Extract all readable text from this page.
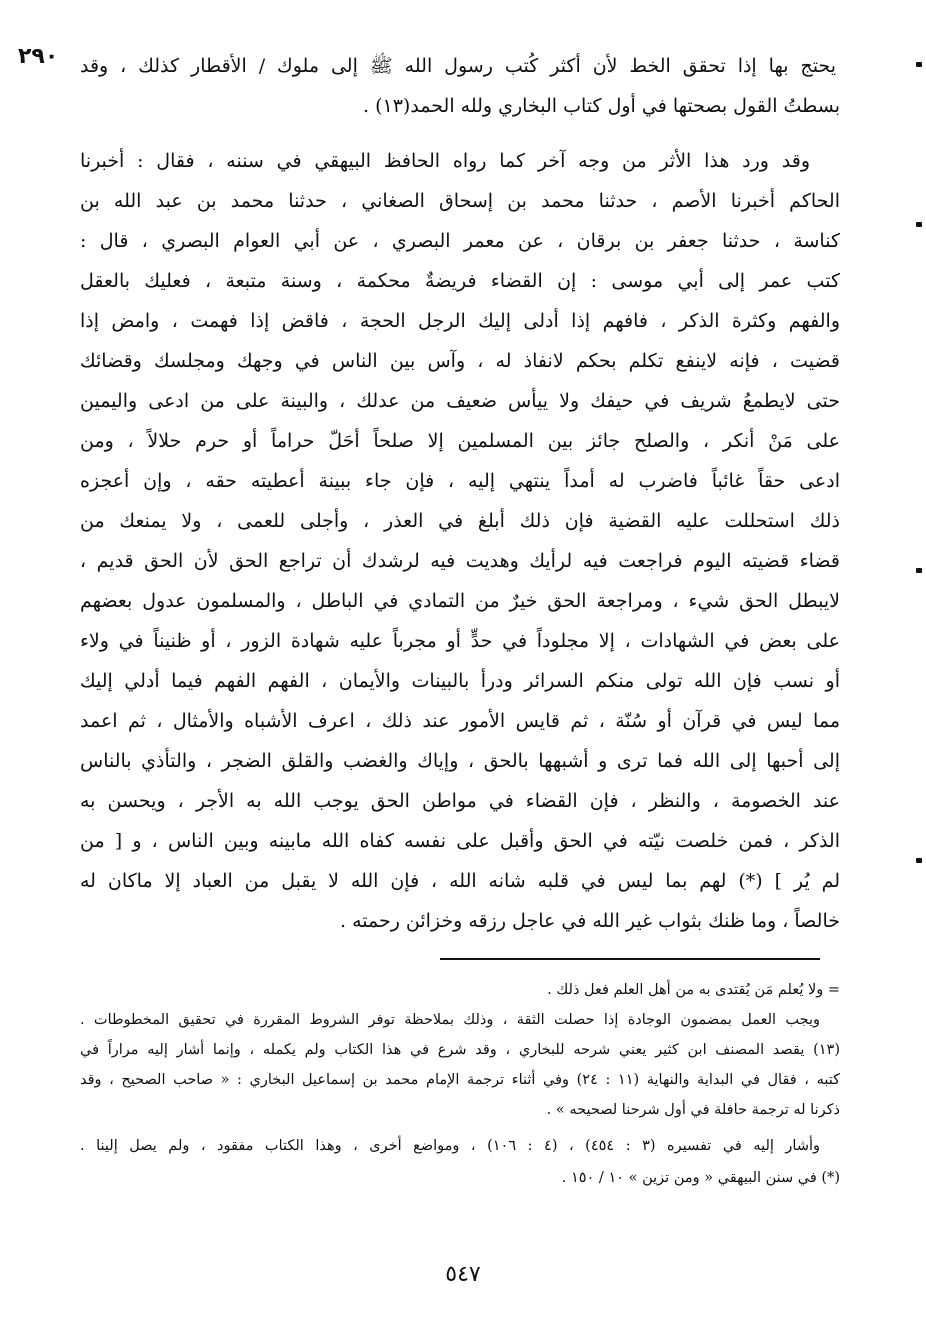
٢٩٠	يحتج بها إذا تحقق الخط لأن أكثر كُتب رسول الله ﷺ إلى ملوك / الأقطار كذلك ، وقد
بسطتُ القول بصحتها في أول كتاب البخاري ولله الحمد(١٣) .
وقد ورد هذا الأثر من وجه آخر كما رواه الحافظ البيهقي في سننه ، فقال : أخبرنا
الحاكم أخبرنا الأصم ، حدثنا محمد بن إسحاق الصغاني ، حدثنا محمد بن عبد الله بن
كناسة ، حدثنا جعفر بن برقان ، عن معمر البصري ، عن أبي العوام البصري ، قال :
كتب عمر إلى أبي موسى : ﺇن القضاء فريضةٌ محكمة ، وسنة متبعة ، فعليك بالعقل
والفهم وكثرة الذكر ، فافهم إذا أدلى إليك الرجل الحجة ، فاقض إذا فهمت ، وامض إذا
قضيت ، فإنه لاينفع تكلم بحكم لانفاذ له ، وآس بين الناس في وجهك ومجلسك وقضائك
حتى لايطمعُ شريف في حيفك ولا ييأس ضعيف من عدلك ، والبينة على من ادعى واليمين
على مَنْ أنكر ، والصلح جائز بين المسلمين إلا صلحاً أحَلّ حراماً أو حرم حلالاً ، ومن
ادعى حقاً غائباً فاضرب له أمداً ينتهي إليه ، فإن جاء ببينة أعطيته حقه ، وإن أعجزه
ذلك استحللت عليه القضية فإن ذلك أبلغ في العذر ، وأجلى للعمى ، ولا يمنعك من
قضاء قضيته اليوم فراجعت فيه لرأيك وهديت فيه لرشدك أن تراجع الحق لأن الحق قديم ،
لايبطل الحق شيء ، ومراجعة الحق خيرٌ من التمادي في الباطل ، والمسلمون عدول بعضهم
على بعض في الشهادات ، إلا مجلوداً في حدٍّ أو مجرباً عليه شهادة الزور ، أو ظنيناً في ولاء
أو نسب فإن الله تولى منكم السرائر ودرأ بالبينات والأيمان ، الفهم الفهم فيما أدلي إليك
مما ليس في قرآن أو سُنّة ، ثم قايس الأمور عند ذلك ، اعرف الأشباه والأمثال ، ثم اعمد
إلى أحبها إلى الله فما ترى و أشبهها بالحق ، وإياك والغضب والقلق الضجر ، والتأذي بالناس
عند الخصومة ، والنظر ، فإن القضاء في مواطن الحق يوجب الله به الأجر ، ويحسن به
الذكر ، فمن خلصت نيّته في الحق وأقبل على نفسه كفاه الله مابينه وبين الناس ، و [ من
لم يُر ] (*) لهم بما ليس في قلبه شانه الله ، فإن الله لا يقبل من العباد إلا ماكان له
خالصاً ، وما ظنك بثواب غير الله في عاجل رزقه وخزائن رحمته .
= ولا يُعلم مَن يُقتدى به من أهل العلم فعل ذلك .
ويجب العمل بمضمون الوجادة إذا حصلت الثقة ، وذلك بملاحظة توفر الشروط المقررة في تحقيق المخطوطات .
(١٣) يقصد المصنف ابن كثير يعني شرحه للبخاري ، وقد شرع في هذا الكتاب ولم يكمله ، وإنما أشار إليه مراراً في
كتبه ، فقال في البداية والنهاية (١١ : ٢٤) وفي أثناء ترجمة الإمام محمد بن إسماعيل البخاري : « صاحب الصحيح ، وقد
ذكرنا له ترجمة حافلة في أول شرحنا لصحيحه » .
وأشار إليه في تفسيره (٣ : ٤٥٤) ، (٤ : ١٠٦) ، ومواضع أخرى ، وهذا الكتاب مفقود ، ولم يصل إلينا .
(*) في سنن البيهقي « ومن تزين » ١٠ / ١٥٠ .
٥٤٧
